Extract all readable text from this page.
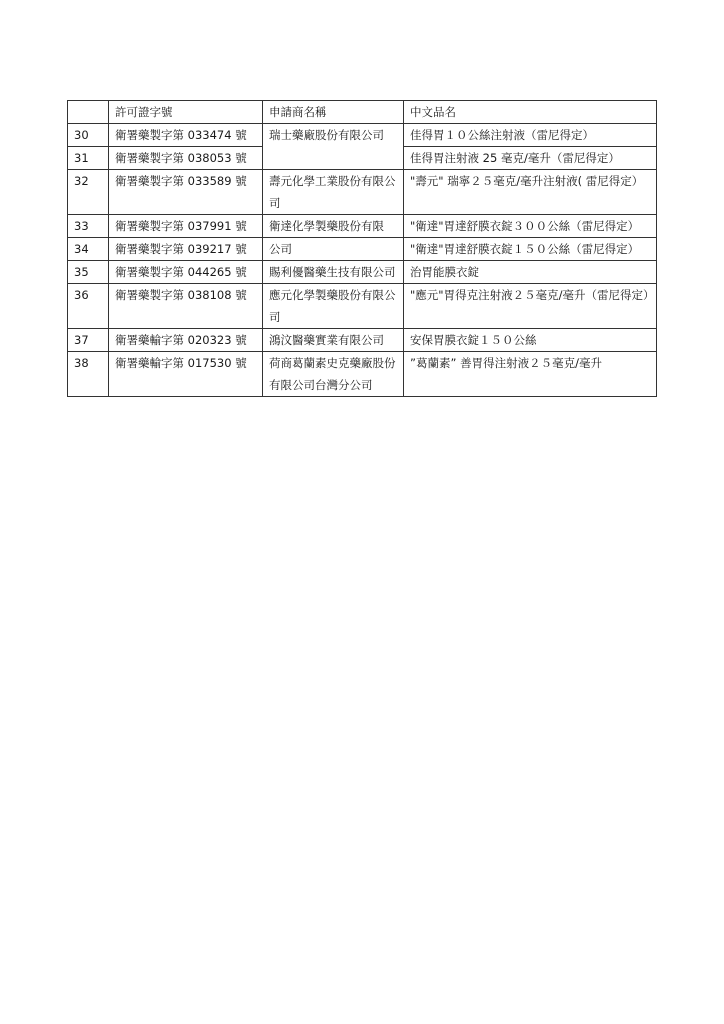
	許可證字號	申請商名稱	中文品名
30	衛署藥製字第 033474 號	瑞士藥廠股份有限公司	佳得胃１０公絲注射液（雷尼得定）
31	衛署藥製字第 038053 號		佳得胃注射液 25 毫克/毫升（雷尼得定）
32	衛署藥製字第 033589 號	壽元化學工業股份有限公司	"壽元" 瑞寧２５毫克/毫升注射液( 雷尼得定）
33	衛署藥製字第 037991 號	衛達化學製藥股份有限	"衛達"胃達舒膜衣錠３００公絲（雷尼得定）
34	衛署藥製字第 039217 號	公司	"衛達"胃達舒膜衣錠１５０公絲（雷尼得定）
35	衛署藥製字第 044265 號	賜利優醫藥生技有限公司	治胃能膜衣錠
36	衛署藥製字第 038108 號	應元化學製藥股份有限公司	"應元"胃得克注射液２５毫克/毫升（雷尼得定）
37	衛署藥輸字第 020323 號	鴻汶醫藥實業有限公司	安保胃膜衣錠１５０公絲
38	衛署藥輸字第 017530 號	荷商葛蘭素史克藥廠股份有限公司台灣分公司	”葛蘭素” 善胃得注射液２５毫克/毫升
